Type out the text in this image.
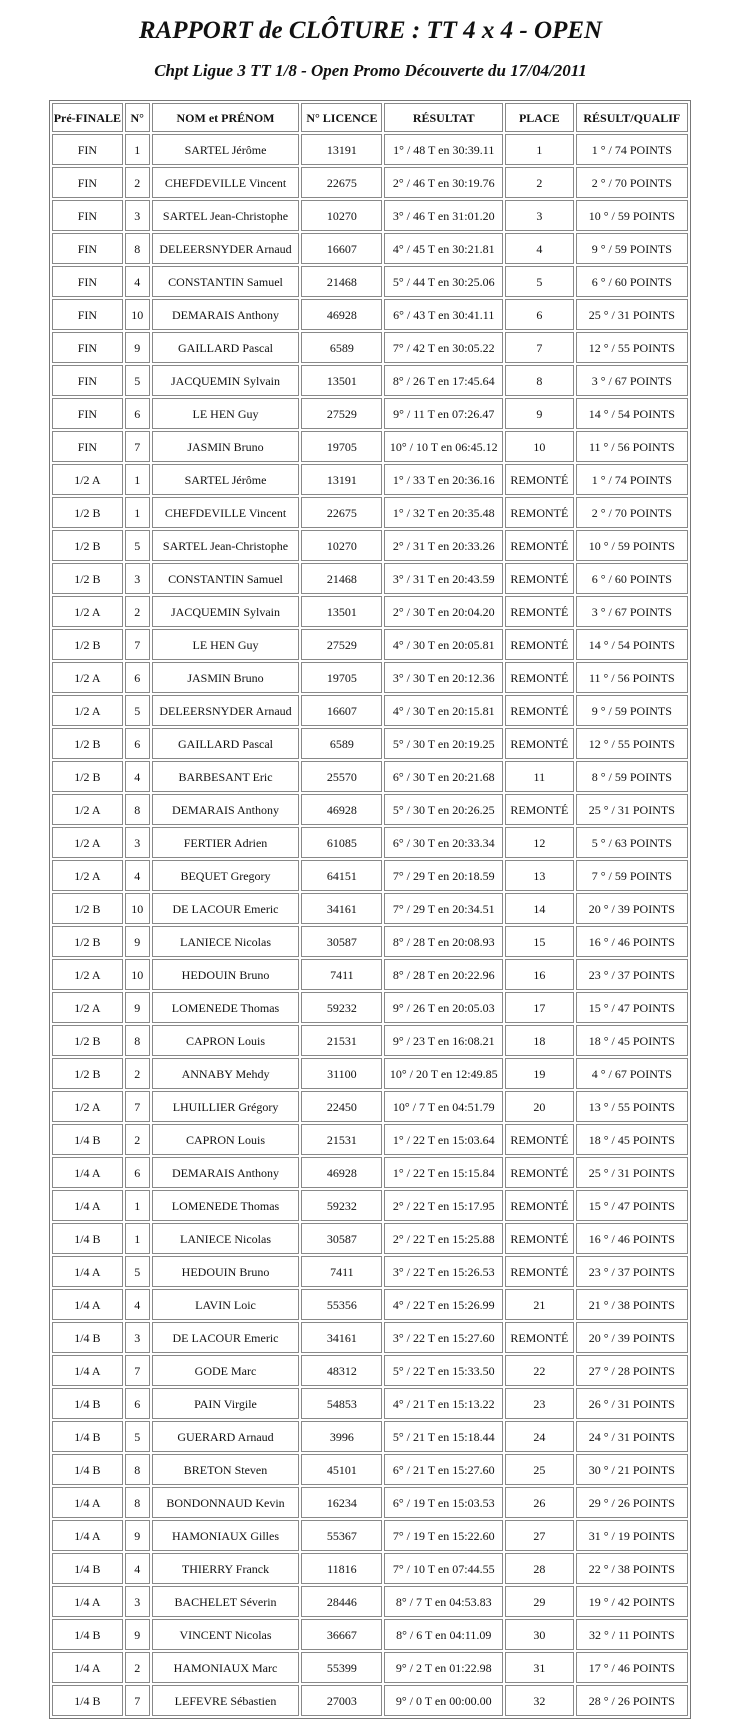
RAPPORT de CLÔTURE : TT 4 x 4 - OPEN
Chpt Ligue 3 TT 1/8 - Open Promo Découverte du 17/04/2011
Pré-FINALE	N°	NOM et PRÉNOM	N° LICENCE	RÉSULTAT	PLACE	RÉSULT/QUALIF
FIN	1	SARTEL Jérôme	13191	1° / 48 T en 30:39.11	1	1 ° / 74 POINTS
FIN	2	CHEFDEVILLE Vincent	22675	2° / 46 T en 30:19.76	2	2 ° / 70 POINTS
FIN	3	SARTEL Jean-Christophe	10270	3° / 46 T en 31:01.20	3	10 ° / 59 POINTS
FIN	8	DELEERSNYDER Arnaud	16607	4° / 45 T en 30:21.81	4	9 ° / 59 POINTS
FIN	4	CONSTANTIN Samuel	21468	5° / 44 T en 30:25.06	5	6 ° / 60 POINTS
FIN	10	DEMARAIS Anthony	46928	6° / 43 T en 30:41.11	6	25 ° / 31 POINTS
FIN	9	GAILLARD Pascal	6589	7° / 42 T en 30:05.22	7	12 ° / 55 POINTS
FIN	5	JACQUEMIN Sylvain	13501	8° / 26 T en 17:45.64	8	3 ° / 67 POINTS
FIN	6	LE HEN Guy	27529	9° / 11 T en 07:26.47	9	14 ° / 54 POINTS
FIN	7	JASMIN Bruno	19705	10° / 10 T en 06:45.12	10	11 ° / 56 POINTS
1/2 A	1	SARTEL Jérôme	13191	1° / 33 T en 20:36.16	REMONTÉ	1 ° / 74 POINTS
1/2 B	1	CHEFDEVILLE Vincent	22675	1° / 32 T en 20:35.48	REMONTÉ	2 ° / 70 POINTS
1/2 B	5	SARTEL Jean-Christophe	10270	2° / 31 T en 20:33.26	REMONTÉ	10 ° / 59 POINTS
1/2 B	3	CONSTANTIN Samuel	21468	3° / 31 T en 20:43.59	REMONTÉ	6 ° / 60 POINTS
1/2 A	2	JACQUEMIN Sylvain	13501	2° / 30 T en 20:04.20	REMONTÉ	3 ° / 67 POINTS
1/2 B	7	LE HEN Guy	27529	4° / 30 T en 20:05.81	REMONTÉ	14 ° / 54 POINTS
1/2 A	6	JASMIN Bruno	19705	3° / 30 T en 20:12.36	REMONTÉ	11 ° / 56 POINTS
1/2 A	5	DELEERSNYDER Arnaud	16607	4° / 30 T en 20:15.81	REMONTÉ	9 ° / 59 POINTS
1/2 B	6	GAILLARD Pascal	6589	5° / 30 T en 20:19.25	REMONTÉ	12 ° / 55 POINTS
1/2 B	4	BARBESANT Eric	25570	6° / 30 T en 20:21.68	11	8 ° / 59 POINTS
1/2 A	8	DEMARAIS Anthony	46928	5° / 30 T en 20:26.25	REMONTÉ	25 ° / 31 POINTS
1/2 A	3	FERTIER Adrien	61085	6° / 30 T en 20:33.34	12	5 ° / 63 POINTS
1/2 A	4	BEQUET Gregory	64151	7° / 29 T en 20:18.59	13	7 ° / 59 POINTS
1/2 B	10	DE LACOUR Emeric	34161	7° / 29 T en 20:34.51	14	20 ° / 39 POINTS
1/2 B	9	LANIECE Nicolas	30587	8° / 28 T en 20:08.93	15	16 ° / 46 POINTS
1/2 A	10	HEDOUIN Bruno	7411	8° / 28 T en 20:22.96	16	23 ° / 37 POINTS
1/2 A	9	LOMENEDE Thomas	59232	9° / 26 T en 20:05.03	17	15 ° / 47 POINTS
1/2 B	8	CAPRON Louis	21531	9° / 23 T en 16:08.21	18	18 ° / 45 POINTS
1/2 B	2	ANNABY Mehdy	31100	10° / 20 T en 12:49.85	19	4 ° / 67 POINTS
1/2 A	7	LHUILLIER Grégory	22450	10° / 7 T en 04:51.79	20	13 ° / 55 POINTS
1/4 B	2	CAPRON Louis	21531	1° / 22 T en 15:03.64	REMONTÉ	18 ° / 45 POINTS
1/4 A	6	DEMARAIS Anthony	46928	1° / 22 T en 15:15.84	REMONTÉ	25 ° / 31 POINTS
1/4 A	1	LOMENEDE Thomas	59232	2° / 22 T en 15:17.95	REMONTÉ	15 ° / 47 POINTS
1/4 B	1	LANIECE Nicolas	30587	2° / 22 T en 15:25.88	REMONTÉ	16 ° / 46 POINTS
1/4 A	5	HEDOUIN Bruno	7411	3° / 22 T en 15:26.53	REMONTÉ	23 ° / 37 POINTS
1/4 A	4	LAVIN Loic	55356	4° / 22 T en 15:26.99	21	21 ° / 38 POINTS
1/4 B	3	DE LACOUR Emeric	34161	3° / 22 T en 15:27.60	REMONTÉ	20 ° / 39 POINTS
1/4 A	7	GODE Marc	48312	5° / 22 T en 15:33.50	22	27 ° / 28 POINTS
1/4 B	6	PAIN Virgile	54853	4° / 21 T en 15:13.22	23	26 ° / 31 POINTS
1/4 B	5	GUERARD Arnaud	3996	5° / 21 T en 15:18.44	24	24 ° / 31 POINTS
1/4 B	8	BRETON Steven	45101	6° / 21 T en 15:27.60	25	30 ° / 21 POINTS
1/4 A	8	BONDONNAUD Kevin	16234	6° / 19 T en 15:03.53	26	29 ° / 26 POINTS
1/4 A	9	HAMONIAUX Gilles	55367	7° / 19 T en 15:22.60	27	31 ° / 19 POINTS
1/4 B	4	THIERRY Franck	11816	7° / 10 T en 07:44.55	28	22 ° / 38 POINTS
1/4 A	3	BACHELET Séverin	28446	8° / 7 T en 04:53.83	29	19 ° / 42 POINTS
1/4 B	9	VINCENT Nicolas	36667	8° / 6 T en 04:11.09	30	32 ° / 11 POINTS
1/4 A	2	HAMONIAUX Marc	55399	9° / 2 T en 01:22.98	31	17 ° / 46 POINTS
1/4 B	7	LEFEVRE Sébastien	27003	9° / 0 T en 00:00.00	32	28 ° / 26 POINTS
